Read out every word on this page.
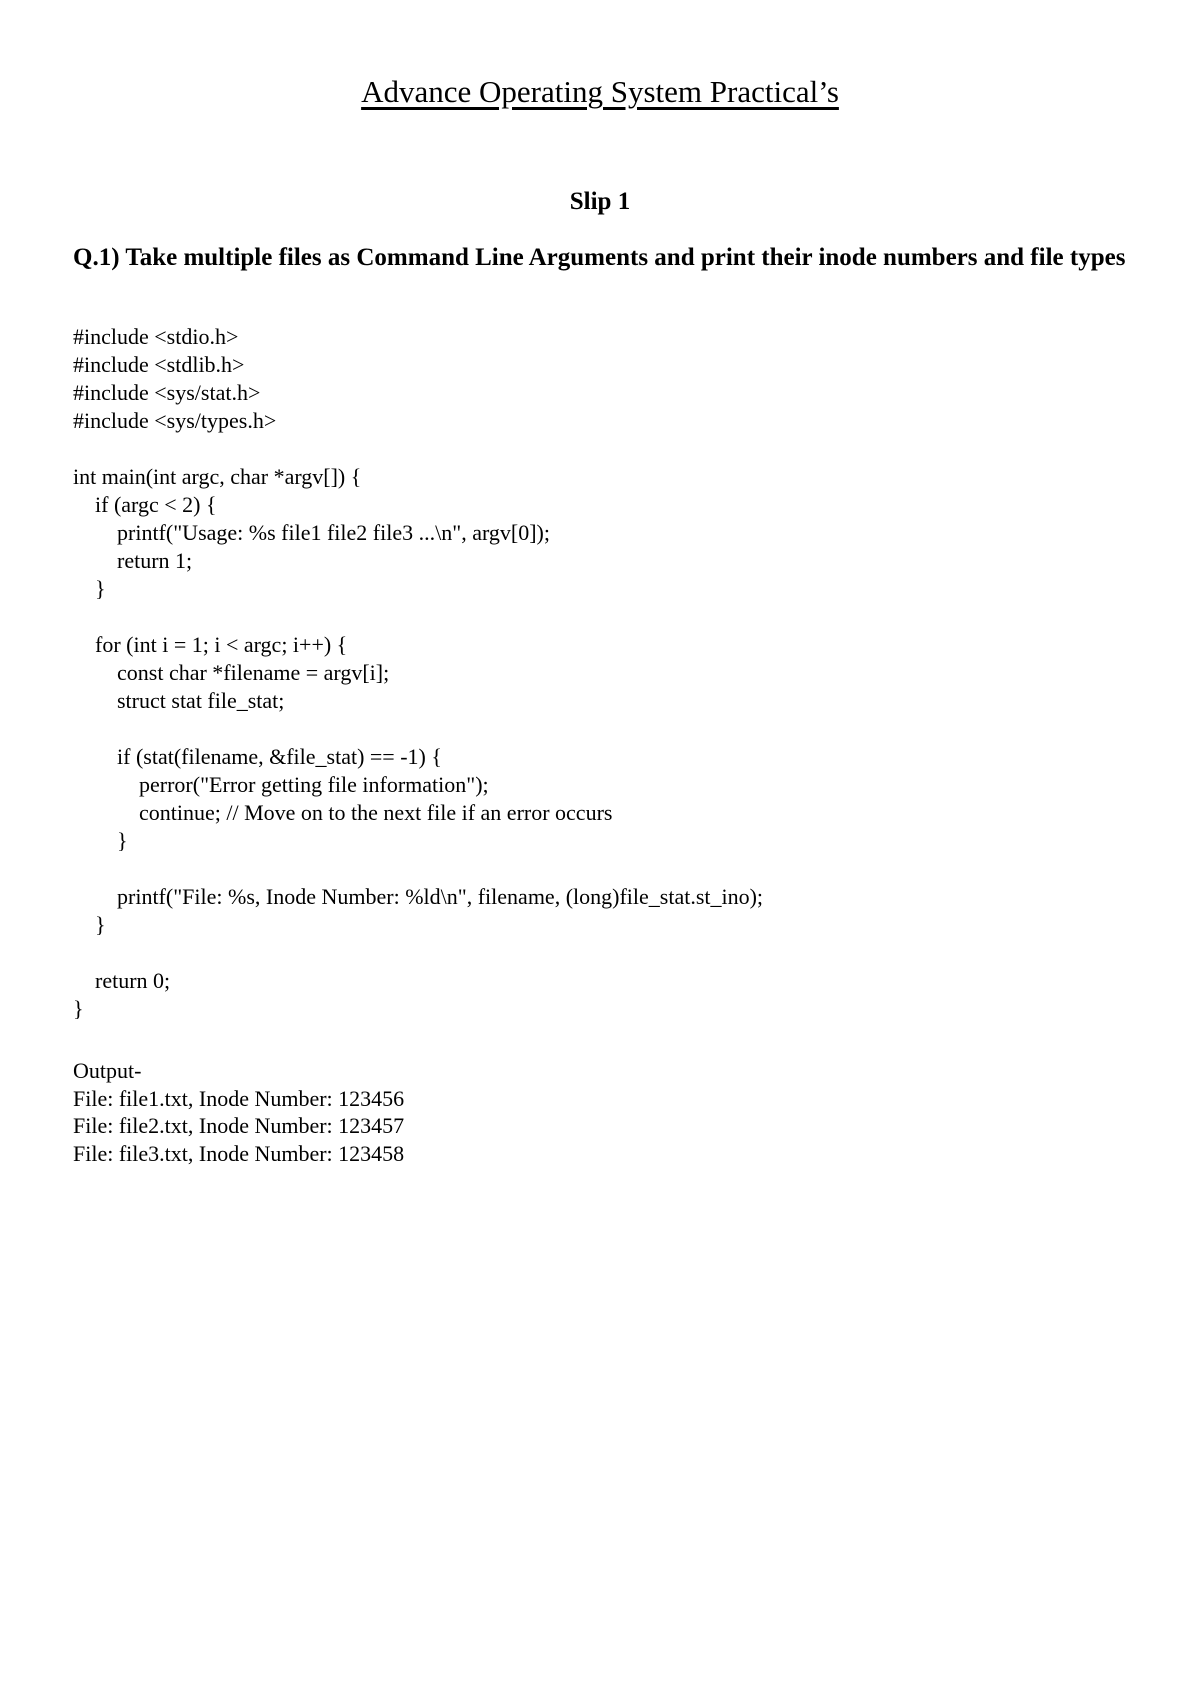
Advance Operating System Practical’s
Slip 1
Q.1) Take multiple files as Command Line Arguments and print their inode numbers and file types
#include <stdio.h>
#include <stdlib.h>
#include <sys/stat.h>
#include <sys/types.h>
int main(int argc, char *argv[]) {
if (argc < 2) {
printf("Usage: %s file1 file2 file3 ...\n", argv[0]);
return 1;
}
for (int i = 1; i < argc; i++) {
const char *filename = argv[i];
struct stat file_stat;
if (stat(filename, &file_stat) == -1) {
perror("Error getting file information");
continue; // Move on to the next file if an error occurs
}
printf("File: %s, Inode Number: %ld\n", filename, (long)file_stat.st_ino);
}
return 0;
}
Output-
File: file1.txt, Inode Number: 123456
File: file2.txt, Inode Number: 123457
File: file3.txt, Inode Number: 123458
